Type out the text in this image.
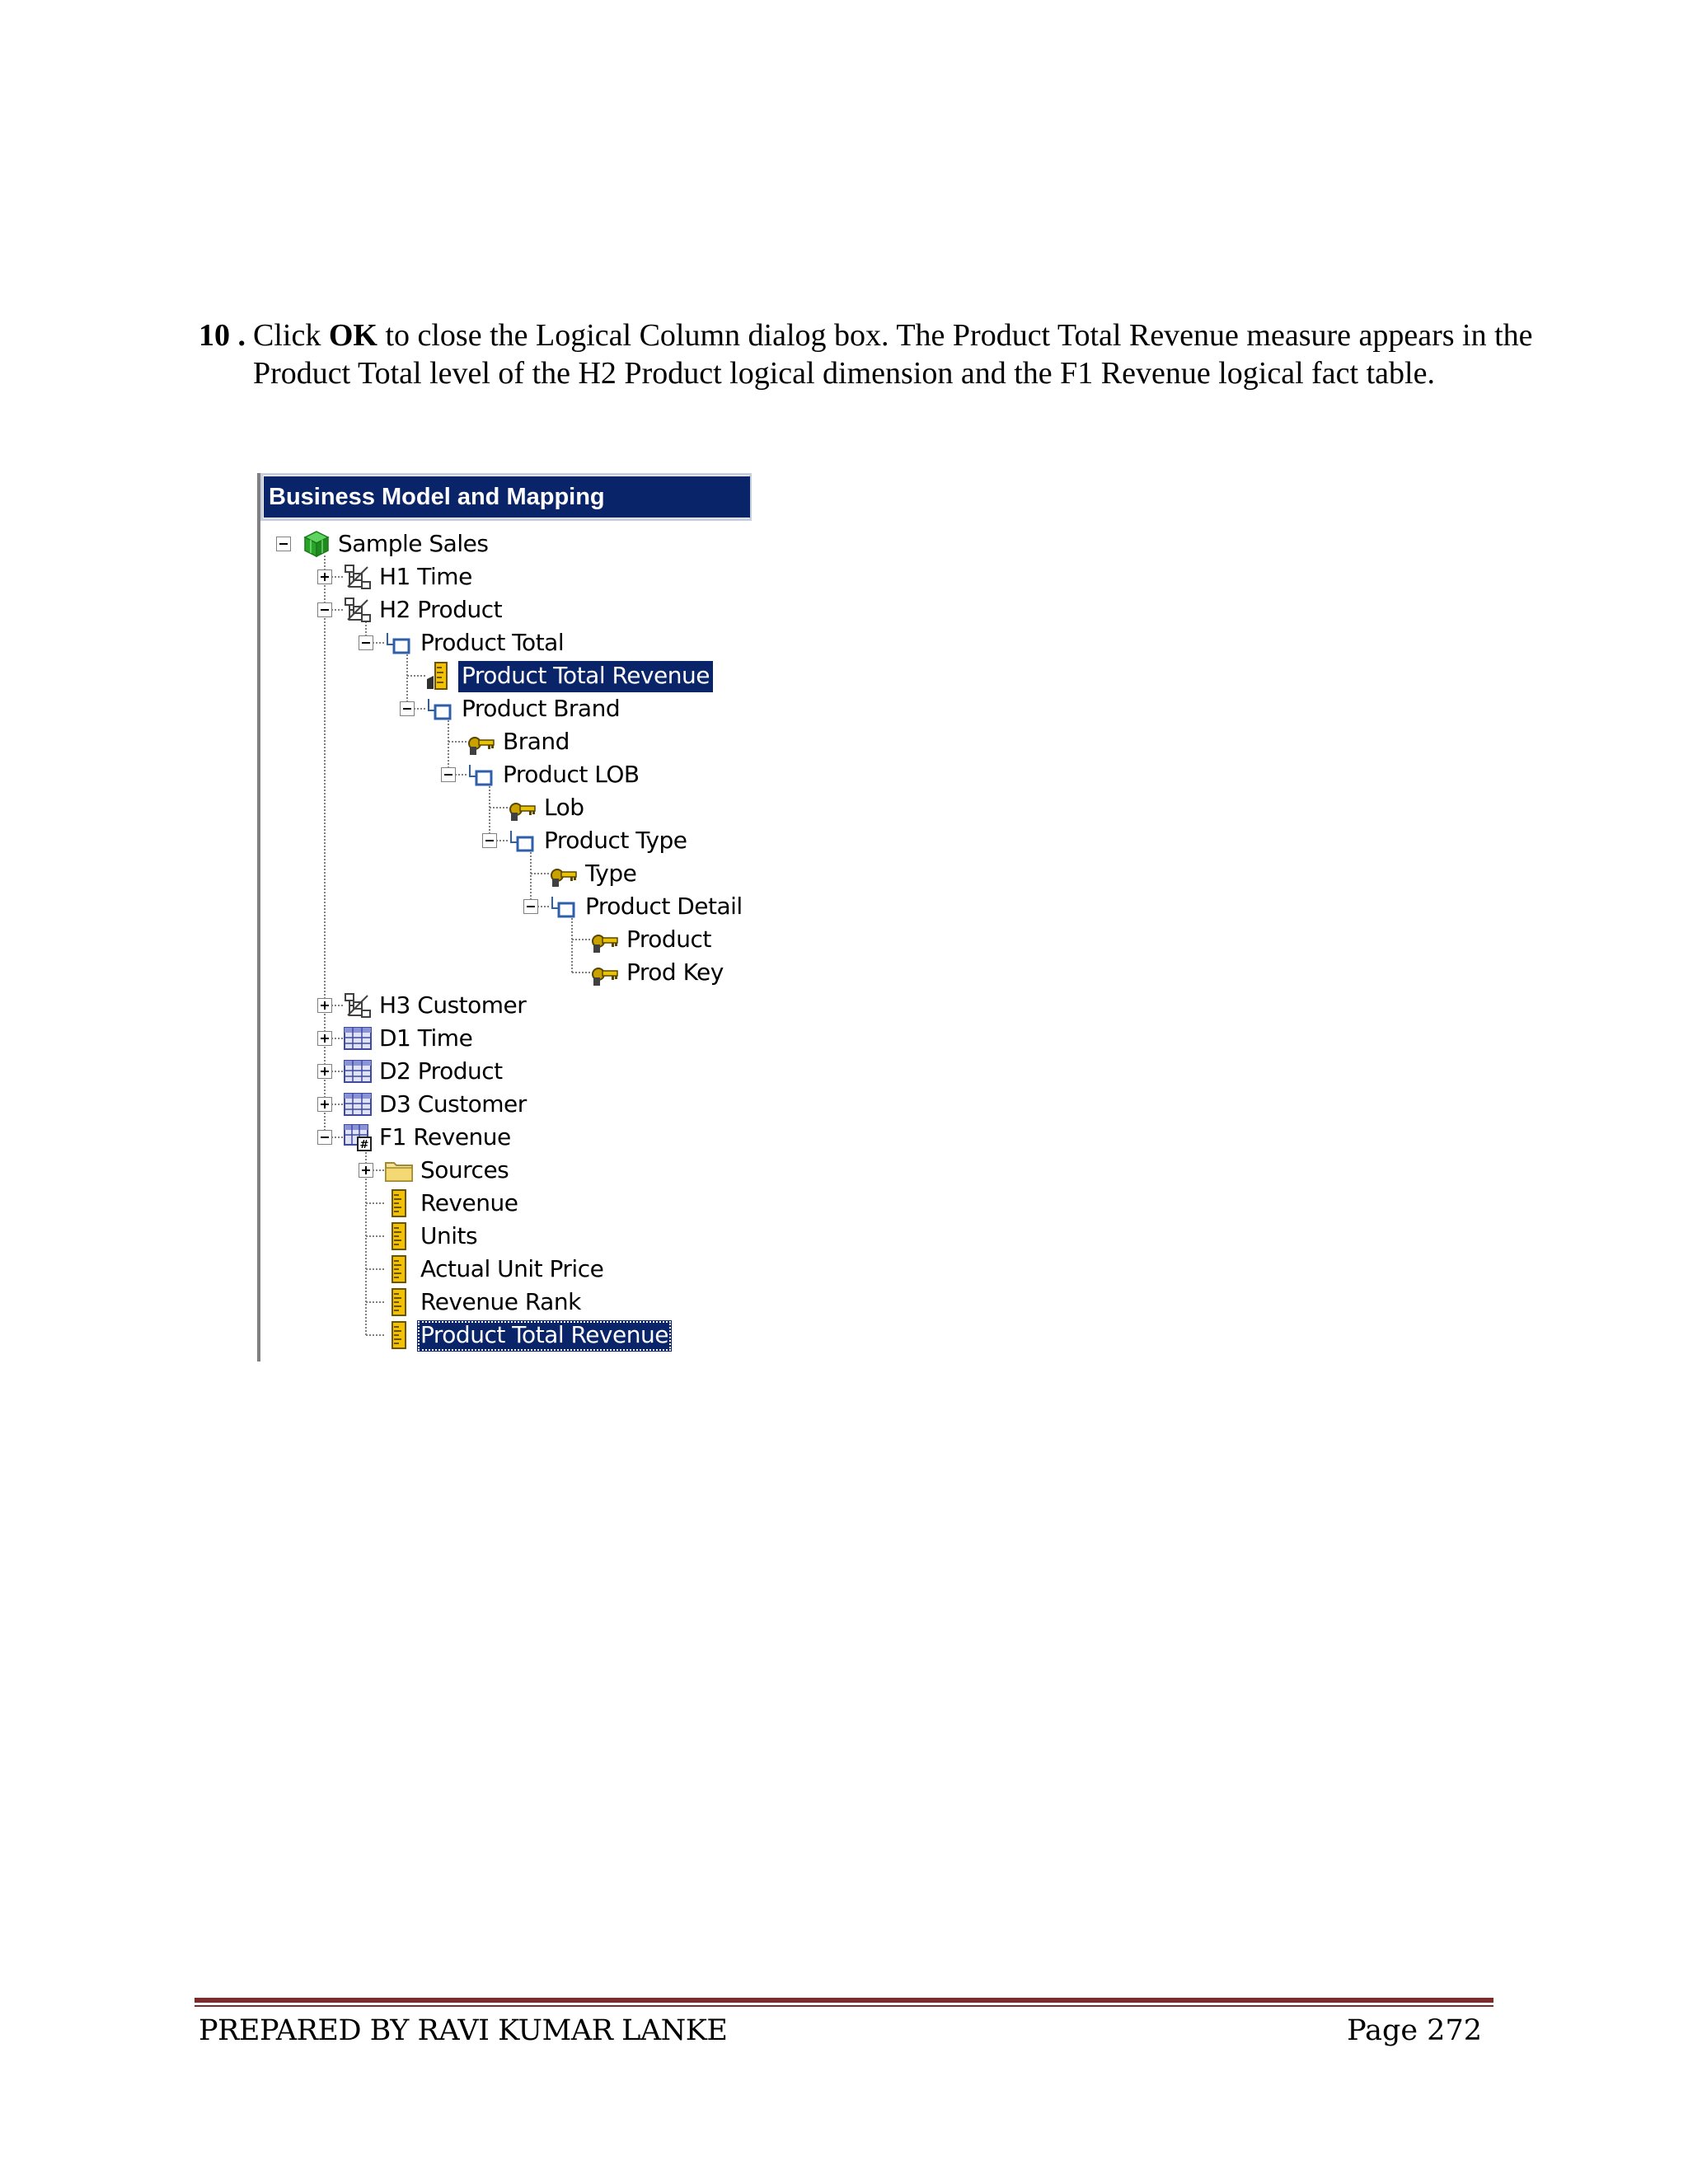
10 . Click OK to close the Logical Column dialog box. The Product Total Revenue measure appears in the Product Total level of the H2 Product logical dimension and the F1 Revenue logical fact table.
Business Model and Mapping
Sample Sales
H1 Time
H2 Product
Product Total
Product Total Revenue
Product Brand
Brand
Product LOB
Lob
Product Type
Type
Product Detail
Product
Prod Key
H3 Customer
D1 Time
D2 Product
D3 Customer
# F1 Revenue
Sources
Revenue
Units
Actual Unit Price
Revenue Rank
Product Total Revenue
PREPARED BY RAVI KUMAR LANKE	Page 272
